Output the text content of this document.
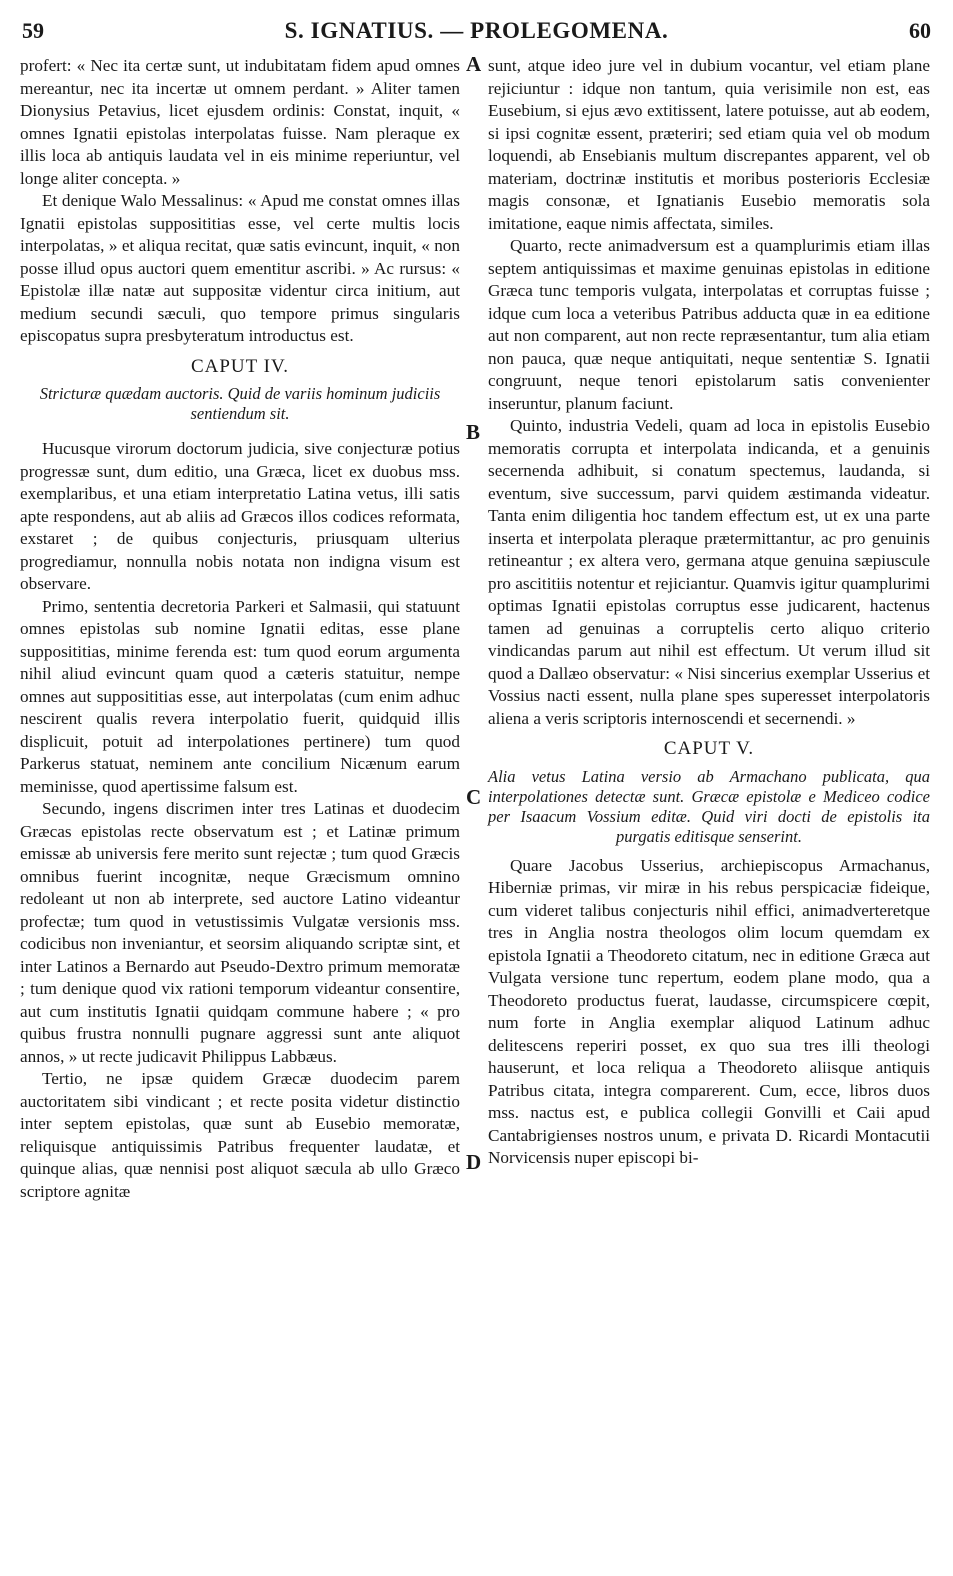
59	S. IGNATIUS. — PROLEGOMENA.	60
A
B
C
D

profert: « Nec ita certæ sunt, ut indubitatam fidem apud omnes mereantur, nec ita incertæ ut omnem perdant. » Aliter tamen Dionysius Petavius, licet ejusdem ordinis: Constat, inquit, « omnes Ignatii epistolas interpolatas fuisse. Nam pleraque ex illis loca ab antiquis laudata vel in eis minime reperiuntur, vel longe aliter concepta. »

Et denique Walo Messalinus: « Apud me constat omnes illas Ignatii epistolas supposititias esse, vel certe multis locis interpolatas, » et aliqua recitat, quæ satis evincunt, inquit, « non posse illud opus auctori quem ementitur ascribi. » Ac rursus: « Epistolæ illæ natæ aut suppositæ videntur circa initium, aut medium secundi sæculi, quo tempore primus singularis episcopatus supra presbyteratum introductus est.

CAPUT IV.
Stricturæ quædam auctoris. Quid de variis hominum judiciis sentiendum sit.

Hucusque virorum doctorum judicia, sive conjecturæ potius progressæ sunt, dum editio, una Græca, licet ex duobus mss. exemplaribus, et una etiam interpretatio Latina vetus, illi satis apte respondens, aut ab aliis ad Græcos illos codices reformata, exstaret ; de quibus conjecturis, priusquam ulterius progrediamur, nonnulla nobis notata non indigna visum est observare.

Primo, sententia decretoria Parkeri et Salmasii, qui statuunt omnes epistolas sub nomine Ignatii editas, esse plane supposititias, minime ferenda est: tum quod eorum argumenta nihil aliud evincunt quam quod a cæteris statuitur, nempe omnes aut supposititias esse, aut interpolatas (cum enim adhuc nescirent qualis revera interpolatio fuerit, quidquid illis displicuit, potuit ad interpolationes pertinere) tum quod Parkerus statuat, neminem ante concilium Nicænum earum meminisse, quod apertissime falsum est.

Secundo, ingens discrimen inter tres Latinas et duodecim Græcas epistolas recte observatum est ; et Latinæ primum emissæ ab universis fere merito sunt rejectæ ; tum quod Græcis omnibus fuerint incognitæ, neque Græcismum omnino redoleant ut non ab interprete, sed auctore Latino videantur profectæ; tum quod in vetustissimis Vulgatæ versionis mss. codicibus non inveniantur, et seorsim aliquando scriptæ sint, et inter Latinos a Bernardo aut Pseudo-Dextro primum memoratæ ; tum denique quod vix rationi temporum videantur consentire, aut cum institutis Ignatii quidqam commune habere ; « pro quibus frustra nonnulli pugnare aggressi sunt ante aliquot annos, » ut recte judicavit Philippus Labbæus.

Tertio, ne ipsæ quidem Græcæ duodecim parem auctoritatem sibi vindicant ; et recte posita videtur distinctio inter septem epistolas, quæ sunt ab Eusebio memoratæ, reliquisque antiquissimis Patribus frequenter laudatæ, et quinque alias, quæ nennisi post aliquot sæcula ab ullo Græco scriptore agnitæ

sunt, atque ideo jure vel in dubium vocantur, vel etiam plane rejiciuntur : idque non tantum, quia verisimile non est, eas Eusebium, si ejus ævo extitissent, latere potuisse, aut ab eodem, si ipsi cognitæ essent, præteriri; sed etiam quia vel ob modum loquendi, ab Ensebianis multum discrepantes apparent, vel ob materiam, doctrinæ institutis et moribus posterioris Ecclesiæ magis consonæ, et Ignatianis Eusebio memoratis sola imitatione, eaque nimis affectata, similes.

Quarto, recte animadversum est a quamplurimis etiam illas septem antiquissimas et maxime genuinas epistolas in editione Græca tunc temporis vulgata, interpolatas et corruptas fuisse ; idque cum loca a veteribus Patribus adducta quæ in ea editione aut non comparent, aut non recte repræsentantur, tum alia etiam non pauca, quæ neque antiquitati, neque sententiæ S. Ignatii congruunt, neque tenori epistolarum satis convenienter inseruntur, planum faciunt.

Quinto, industria Vedeli, quam ad loca in epistolis Eusebio memoratis corrupta et interpolata indicanda, et a genuinis secernenda adhibuit, si conatum spectemus, laudanda, si eventum, sive successum, parvi quidem æstimanda videatur. Tanta enim diligentia hoc tandem effectum est, ut ex una parte inserta et interpolata pleraque prætermittantur, ac pro genuinis retineantur ; ex altera vero, germana atque genuina sæpiuscule pro ascititiis notentur et rejiciantur. Quamvis igitur quamplurimi optimas Ignatii epistolas corruptus esse judicarent, hactenus tamen ad genuinas a corruptelis certo aliquo criterio vindicandas parum aut nihil est effectum. Ut verum illud sit quod a Dallæo observatur: « Nisi sincerius exemplar Usserius et Vossius nacti essent, nulla plane spes superesset interpolatoris aliena a veris scriptoris internoscendi et secernendi. »

CAPUT V.
Alia vetus Latina versio ab Armachano publicata, qua interpolationes detectæ sunt. Græcæ epistolæ e Mediceo codice per Isaacum Vossium editæ. Quid viri docti de epistolis ita purgatis editisque senserint.

Quare Jacobus Usserius, archiepiscopus Armachanus, Hiberniæ primas, vir miræ in his rebus perspicaciæ fideique, cum videret talibus conjecturis nihil effici, animadverteretque tres in Anglia nostra theologos olim locum quemdam ex epistola Ignatii a Theodoreto citatum, nec in editione Græca aut Vulgata versione tunc repertum, eodem plane modo, qua a Theodoreto productus fuerat, laudasse, circumspicere cœpit, num forte in Anglia exemplar aliquod Latinum adhuc delitescens reperiri posset, ex quo sua tres illi theologi hauserunt, et loca reliqua a Theodoreto aliisque antiquis Patribus citata, integra comparerent. Cum, ecce, libros duos mss. nactus est, e publica collegii Gonvilli et Caii apud Cantabrigienses nostros unum, e privata D. Ricardi Montacutii Norvicensis nuper episcopi bi-
